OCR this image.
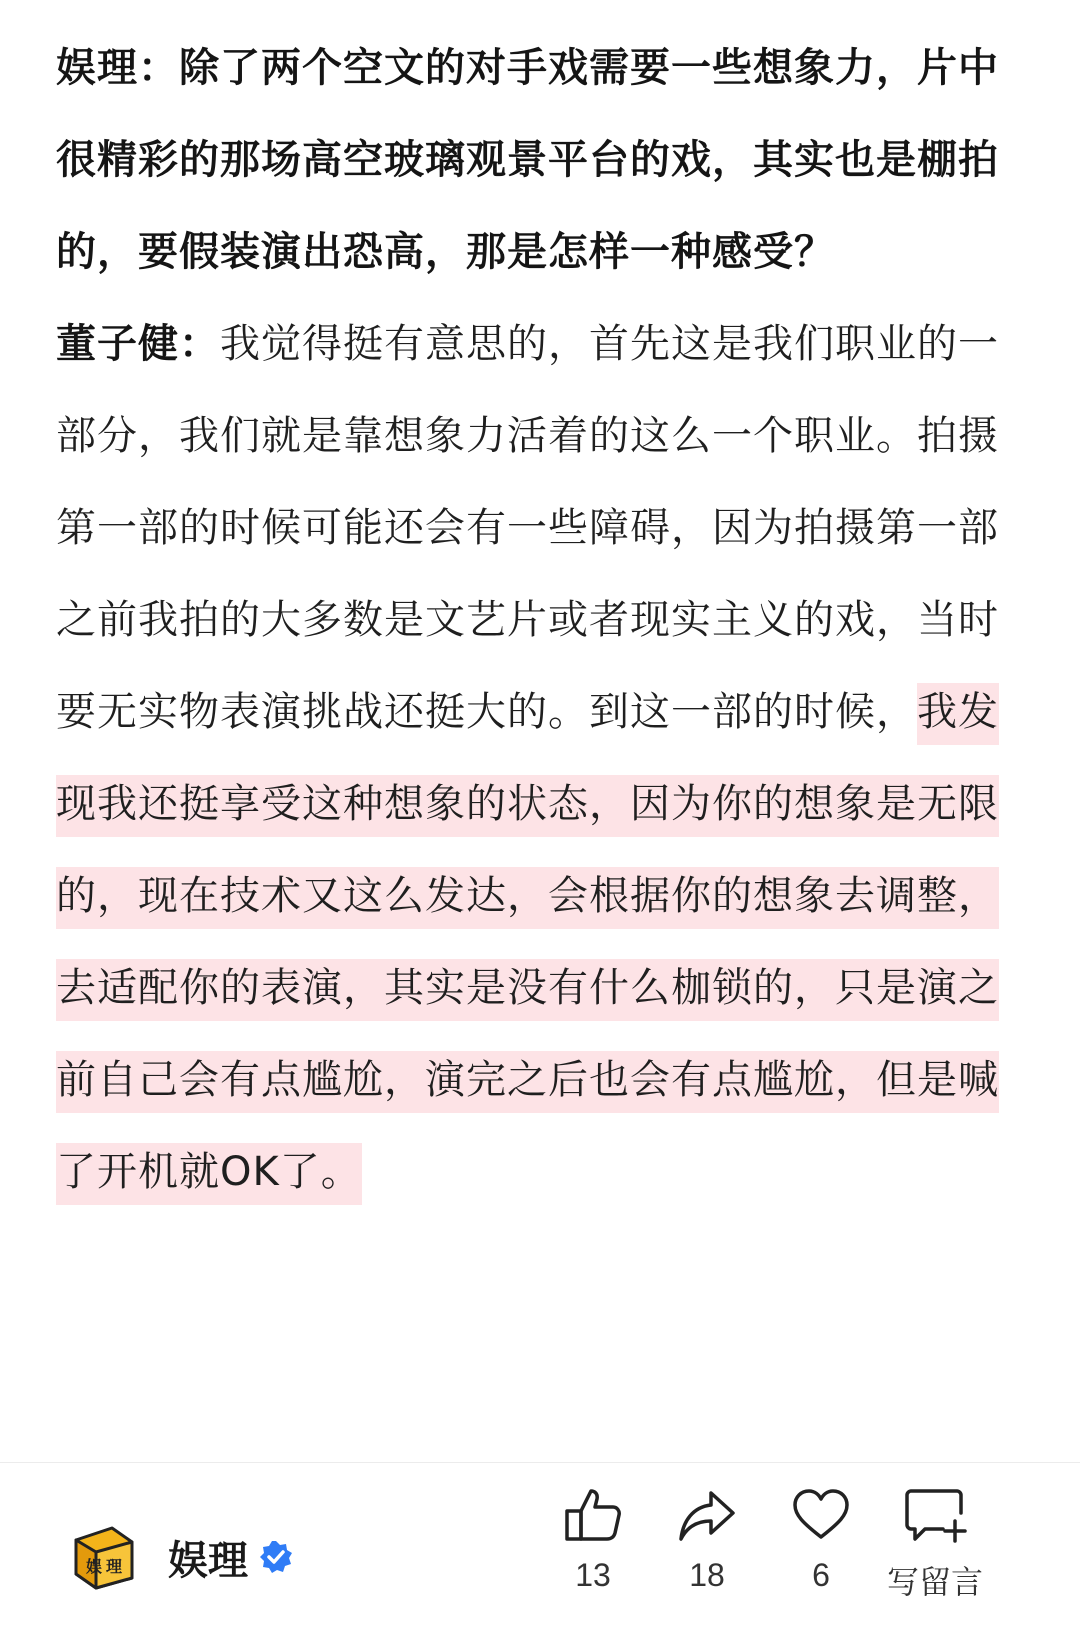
娱理：除了两个空文的对手戏需要一些想象力，片中很精彩的那场高空玻璃观景平台的戏，其实也是棚拍的，要假装演出恐高，那是怎样一种感受？

董子健：我觉得挺有意思的，首先这是我们职业的一部分，我们就是靠想象力活着的这么一个职业。拍摄第一部的时候可能还会有一些障碍，因为拍摄第一部之前我拍的大多数是文艺片或者现实主义的戏，当时要无实物表演挑战还挺大的。到这一部的时候，我发现我还挺享受这种想象的状态，因为你的想象是无限的，现在技术又这么发达，会根据你的想象去调整，去适配你的表演，其实是没有什么枷锁的，只是演之前自己会有点尴尬，演完之后也会有点尴尬，但是喊了开机就OK了。

娱 理 娱理	13	18	6	写留言
